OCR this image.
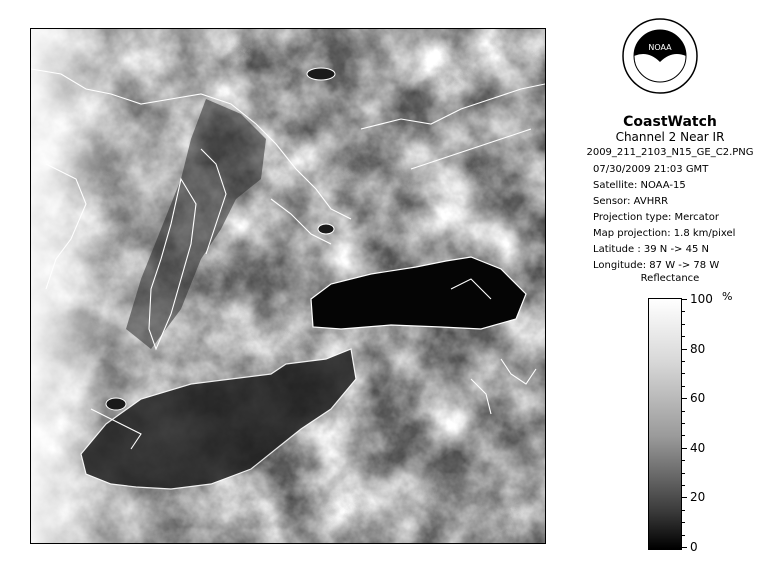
NOAA
CoastWatch
Channel 2 Near IR
2009_211_2103_N15_GE_C2.PNG
07/30/2009 21:03 GMT
Satellite: NOAA-15
Sensor: AVHRR
Projection type: Mercator
Map projection: 1.8 km/pixel
Latitude : 39 N -> 45 N
Longitude: 87 W -> 78 W
Reflectance
%
100
80
60
40
20
0
